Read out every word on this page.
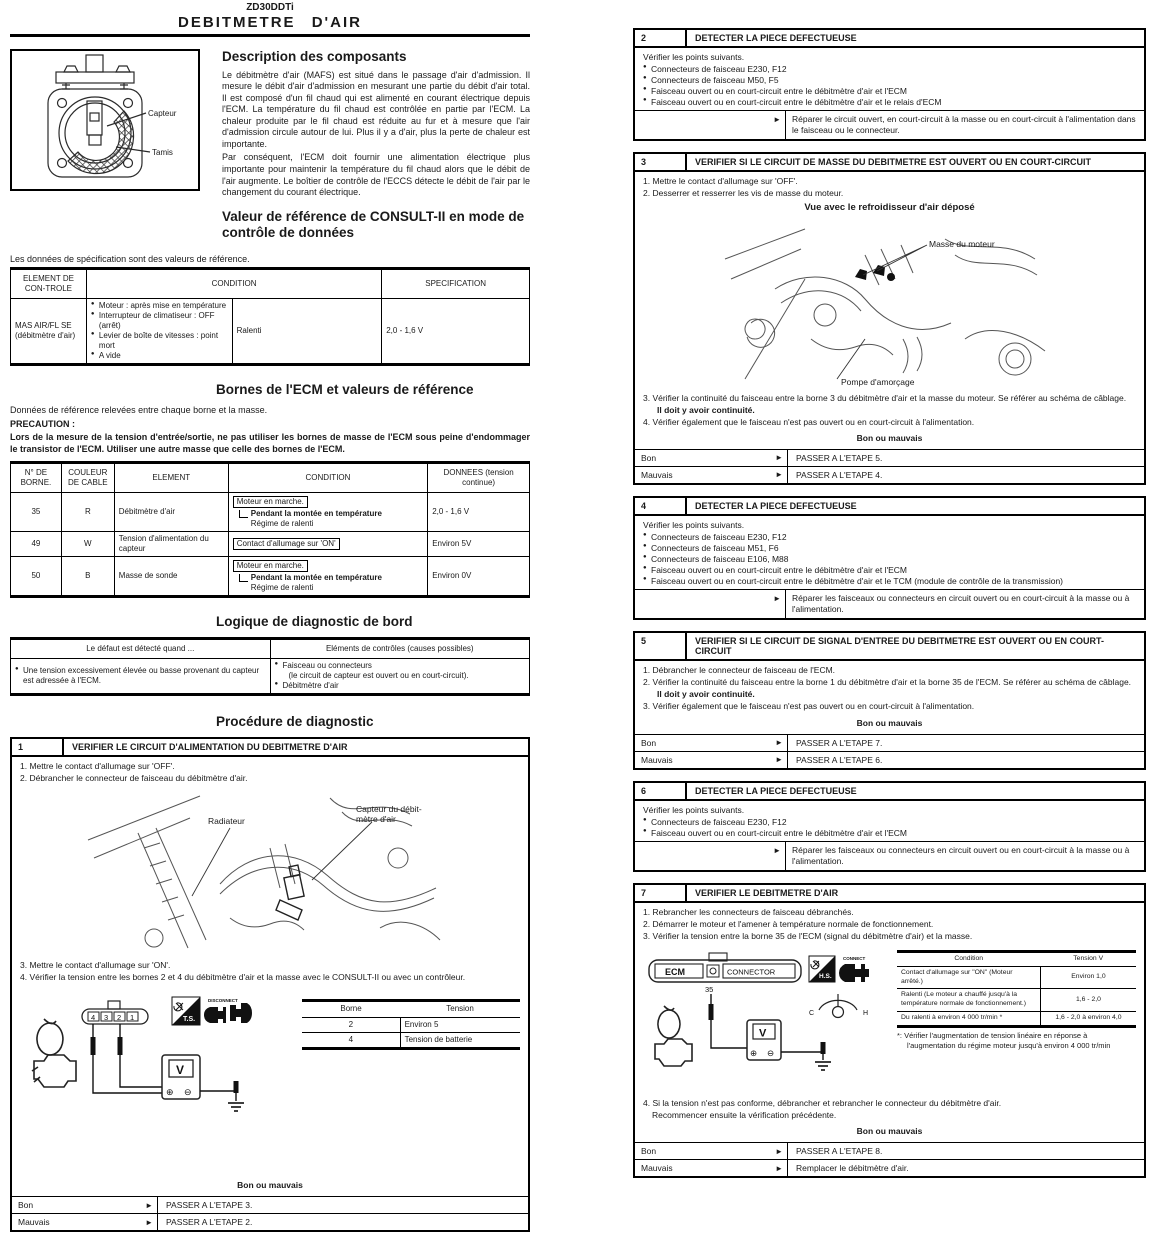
ZD30DDTi
DEBITMETRE D'AIR
Capteur
Tamis
Description des composants

Le débitmètre d'air (MAFS) est situé dans le passage d'air d'admission. Il mesure le débit d'air d'admission en mesurant une partie du débit d'air total. Il est composé d'un fil chaud qui est alimenté en courant électrique depuis l'ECM. La température du fil chaud est contrôlée en partie par l'ECM. La chaleur produite par le fil chaud est réduite au fur et à mesure que l'air d'admission circule autour de lui. Plus il y a d'air, plus la perte de chaleur est importante.

Par conséquent, l'ECM doit fournir une alimentation électrique plus importante pour maintenir la température du fil chaud alors que le débit de l'air augmente. Le boîtier de contrôle de l'ECCS détecte le débit de l'air par le changement du courant électrique.

Valeur de référence de CONSULT-II en mode de contrôle de données

Les données de spécification sont des valeurs de référence.

ELEMENT DE CON-TROLE	CONDITION		SPECIFICATION

MAS AIR/FL SE
(débitmètre d'air)

● Moteur : après mise en température
● Interrupteur de climatiseur : OFF (arrêt)
● Levier de boîte de vitesses : point mort
● A vide
	Ralenti	2,0 - 1,6 V
Bornes de l'ECM et valeurs de référence

Données de référence relevées entre chaque borne et la masse.

PRECAUTION :

Lors de la mesure de la tension d'entrée/sortie, ne pas utiliser les bornes de masse de l'ECM sous peine d'endommager le transistor de l'ECM. Utiliser une autre masse que celle des bornes de l'ECM.

N° DE BORNE.	COULEUR DE CABLE	ELEMENT	CONDITION	DONNEES (tension continue)
35	R	Débitmètre d'air	Moteur en marche.
Pendant la montée en température
Régime de ralenti	2,0 - 1,6 V
49	W	Tension d'alimentation du capteur	Contact d'allumage sur 'ON'	Environ 5V
50	B	Masse de sonde	Moteur en marche.
Pendant la montée en température
Régime de ralenti	Environ 0V
Logique de diagnostic de bord
Le défaut est détecté quand ...	Eléments de contrôles (causes possibles)

● Une tension excessivement élevée ou basse provenant du capteur est adressée à l'ECM.	● Faisceau ou connecteurs
(le circuit de capteur est ouvert ou en court-circuit).
● Débitmètre d'air
Procédure de diagnostic
1	VERIFIER LE CIRCUIT D'ALIMENTATION DU DEBITMETRE D'AIR
1. Mettre le contact d'allumage sur 'OFF'.
2. Débrancher le connecteur de faisceau du débitmètre d'air.
Radiateur
Capteur du débit-
mètre d'air
3. Mettre le contact d'allumage sur 'ON'.
4. Vérifier la tension entre les bornes 2 et 4 du débitmètre d'air et la masse avec le CONSULT-II ou avec un contrôleur.
4 3 2 1
V
⊕ ⊖
T.S.
DISCONNECT
Borne	Tension
2	Environ 5
4	Tension de batterie
Bon ou mauvais
Bon	►	PASSER A L'ETAPE 3.
Mauvais	►	PASSER A L'ETAPE 2.
2	DETECTER LA PIECE DEFECTUEUSE
Vérifier les points suivants.
● Connecteurs de faisceau E230, F12
● Connecteurs de faisceau M50, F5
● Faisceau ouvert ou en court-circuit entre le débitmètre d'air et l'ECM
● Faisceau ouvert ou en court-circuit entre le débitmètre d'air et le relais d'ECM
►	Réparer le circuit ouvert, en court-circuit à la masse ou en court-circuit à l'alimentation dans le faisceau ou le connecteur.
3	VERIFIER SI LE CIRCUIT DE MASSE DU DEBITMETRE EST OUVERT OU EN COURT-CIRCUIT
1. Mettre le contact d'allumage sur 'OFF'.
2. Desserrer et resserrer les vis de masse du moteur.
Vue avec le refroidisseur d'air déposé
Masse du moteur
Pompe d'amorçage
3. Vérifier la continuité du faisceau entre la borne 3 du débitmètre d'air et la masse du moteur. Se référer au schéma de câblage.
Il doit y avoir continuité.
4. Vérifier également que le faisceau n'est pas ouvert ou en court-circuit à l'alimentation.
Bon ou mauvais
Bon	►	PASSER A L'ETAPE 5.
Mauvais	►	PASSER A L'ETAPE 4.
4	DETECTER LA PIECE DEFECTUEUSE
Vérifier les points suivants.
● Connecteurs de faisceau E230, F12
● Connecteurs de faisceau M51, F6
● Connecteurs de faisceau E106, M88
● Faisceau ouvert ou en court-circuit entre le débitmètre d'air et l'ECM
● Faisceau ouvert ou en court-circuit entre le débitmètre d'air et le TCM (module de contrôle de la transmission)
►	Réparer les faisceaux ou connecteurs en circuit ouvert ou en court-circuit à la masse ou à l'alimentation.
5	VERIFIER SI LE CIRCUIT DE SIGNAL D'ENTREE DU DEBITMETRE EST OUVERT OU EN COURT-CIRCUIT
1. Débrancher le connecteur de faisceau de l'ECM.
2. Vérifier la continuité du faisceau entre la borne 1 du débitmètre d'air et la borne 35 de l'ECM. Se référer au schéma de câblage.
Il doit y avoir continuité.
3. Vérifier également que le faisceau n'est pas ouvert ou en court-circuit à l'alimentation.
Bon ou mauvais
Bon	►	PASSER A L'ETAPE 7.
Mauvais	►	PASSER A L'ETAPE 6.
6	DETECTER LA PIECE DEFECTUEUSE
Vérifier les points suivants.
● Connecteurs de faisceau E230, F12
● Faisceau ouvert ou en court-circuit entre le débitmètre d'air et l'ECM
►	Réparer les faisceaux ou connecteurs en circuit ouvert ou en court-circuit à la masse ou à l'alimentation.
7	VERIFIER LE DEBITMETRE D'AIR
1. Rebrancher les connecteurs de faisceau débranchés.
2. Démarrer le moteur et l'amener à température normale de fonctionnement.
3. Vérifier la tension entre la borne 35 de l'ECM (signal du débitmètre d'air) et la masse.
ECM	CONNECTOR
35
V
⊕ ⊖
H.S.
CONNECT
C	H
Condition	Tension V
Contact d'allumage sur "ON" (Moteur arrêté.)	Environ 1,0
Ralenti (Le moteur a chauffé jusqu'à la température normale de fonctionnement.)	1,6 - 2,0
Du ralenti à environ 4 000 tr/min *	1,6 - 2,0 à environ 4,0
*: Vérifier l'augmentation de tension linéaire en réponse à l'augmentation du régime moteur jusqu'à environ 4 000 tr/min
4. Si la tension n'est pas conforme, débrancher et rebrancher le connecteur du débitmètre d'air.
Recommencer ensuite la vérification précédente.
Bon ou mauvais
Bon	►	PASSER A L'ETAPE 8.
Mauvais	►	Remplacer le débitmètre d'air.
